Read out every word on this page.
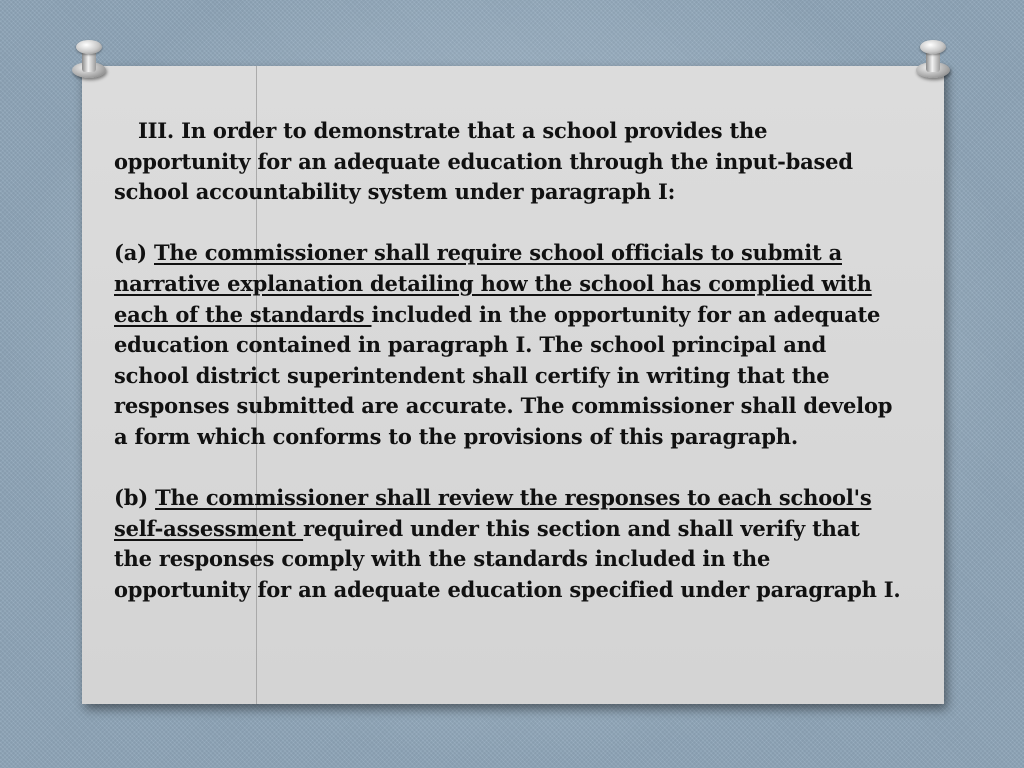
III. In order to demonstrate that a school provides the opportunity for an adequate education through the input-based school accountability system under paragraph I:

(a) The commissioner shall require school officials to submit a narrative explanation detailing how the school has complied with each of the standards included in the opportunity for an adequate education contained in paragraph I. The school principal and school district superintendent shall certify in writing that the responses submitted are accurate. The commissioner shall develop a form which conforms to the provisions of this paragraph.

(b) The commissioner shall review the responses to each school's self-assessment required under this section and shall verify that the responses comply with the standards included in the opportunity for an adequate education specified under paragraph I.
